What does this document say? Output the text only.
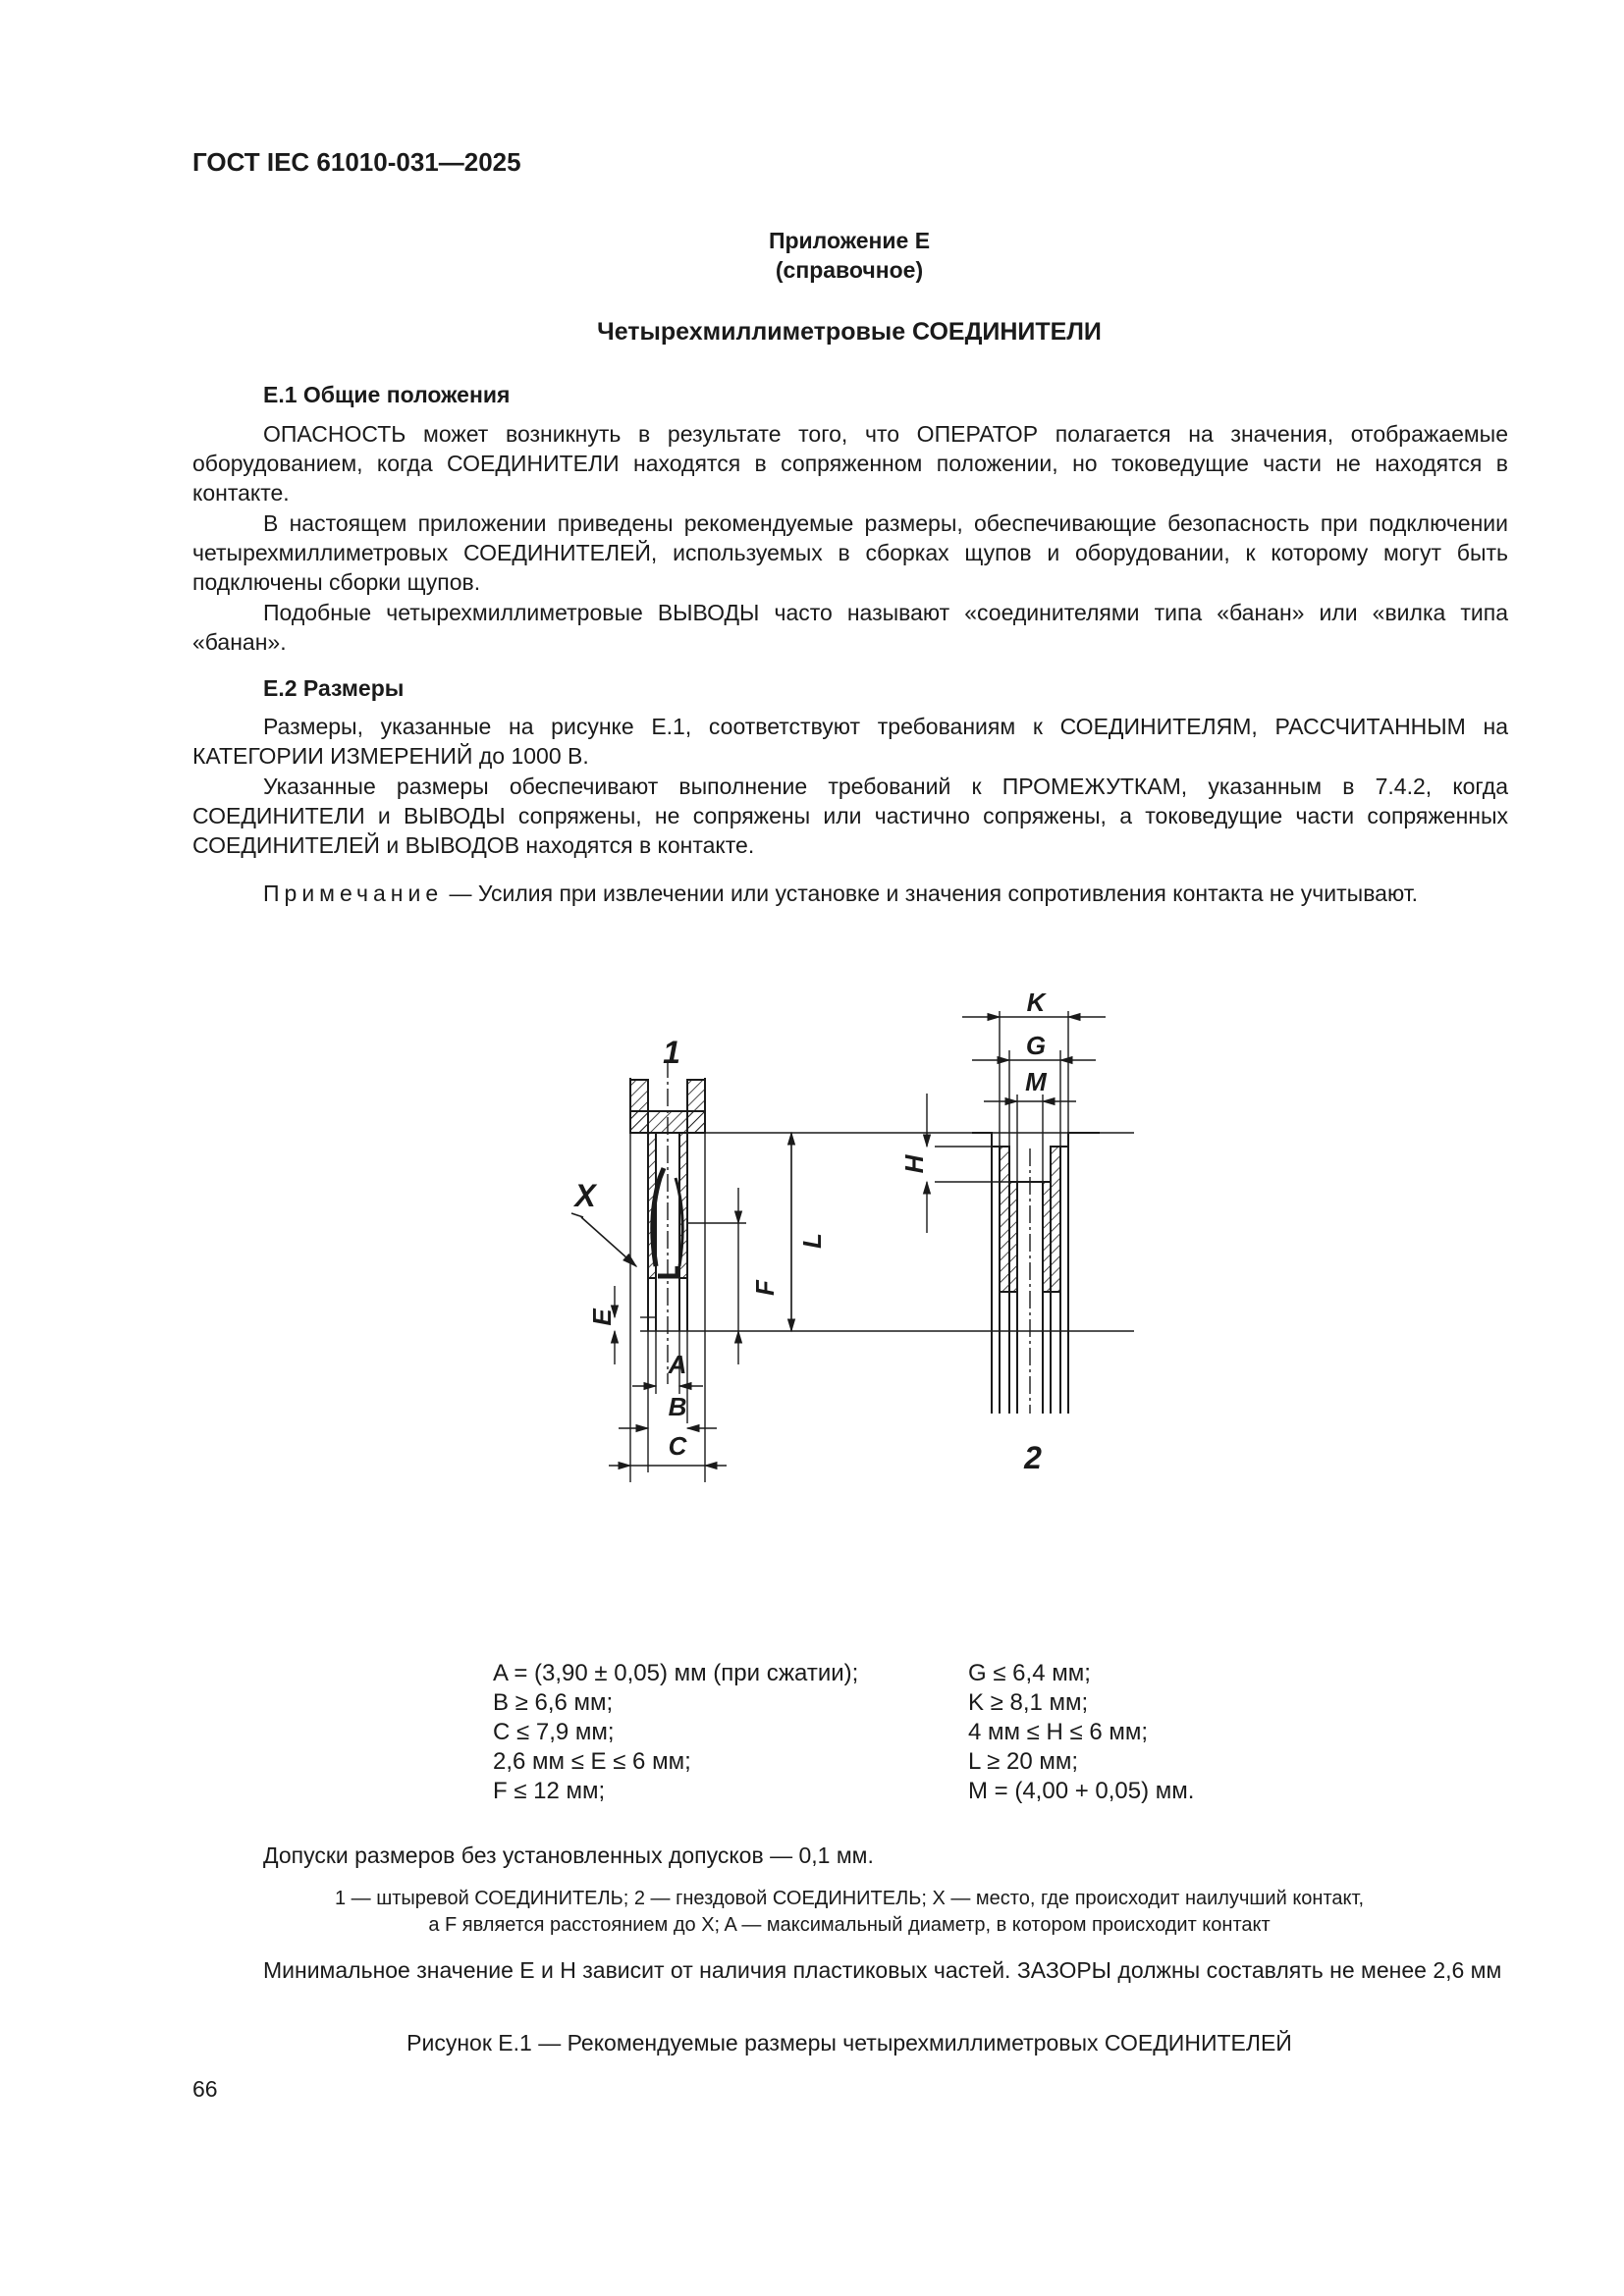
ГОСТ IEC 61010-031—2025
Приложение E
(справочное)
Четырехмиллиметровые СОЕДИНИТЕЛИ
E.1 Общие положения
ОПАСНОСТЬ может возникнуть в результате того, что ОПЕРАТОР полагается на значения, отображаемые оборудованием, когда СОЕДИНИТЕЛИ находятся в сопряженном положении, но токоведущие части не находятся в контакте.
В настоящем приложении приведены рекомендуемые размеры, обеспечивающие безопасность при подключении четырехмиллиметровых СОЕДИНИТЕЛЕЙ, используемых в сборках щупов и оборудовании, к которому могут быть подключены сборки щупов.
Подобные четырехмиллиметровые ВЫВОДЫ часто называют «соединителями типа «банан» или «вилка типа «банан».
E.2 Размеры
Размеры, указанные на рисунке E.1, соответствуют требованиям к СОЕДИНИТЕЛЯМ, РАССЧИТАННЫМ на КАТЕГОРИИ ИЗМЕРЕНИЙ до 1000 В.
Указанные размеры обеспечивают выполнение требований к ПРОМЕЖУТКАМ, указанным в 7.4.2, когда СОЕДИНИТЕЛИ и ВЫВОДЫ сопряжены, не сопряжены или частично сопряжены, а токоведущие части сопряженных СОЕДИНИТЕЛЕЙ и ВЫВОДОВ находятся в контакте.
Примечание — Усилия при извлечении или установке и значения сопротивления контакта не учитывают.
1
X
A
B
C
E
F
L
H
K
G
M
2
A = (3,90 ± 0,05) мм (при сжатии);
B ≥ 6,6 мм;
C ≤ 7,9 мм;
2,6 мм ≤ E ≤ 6 мм;
F ≤ 12 мм;
G ≤ 6,4 мм;
K ≥ 8,1 мм;
4 мм ≤ H ≤ 6 мм;
L ≥ 20 мм;
M = (4,00 + 0,05) мм.
Допуски размеров без установленных допусков — 0,1 мм.
1 — штыревой СОЕДИНИТЕЛЬ; 2 — гнездовой СОЕДИНИТЕЛЬ; X — место, где происходит наилучший контакт,
а F является расстоянием до X; A — максимальный диаметр, в котором происходит контакт
Минимальное значение E и H зависит от наличия пластиковых частей. ЗАЗОРЫ должны составлять не менее 2,6 мм
Рисунок E.1 — Рекомендуемые размеры четырехмиллиметровых СОЕДИНИТЕЛЕЙ
66
